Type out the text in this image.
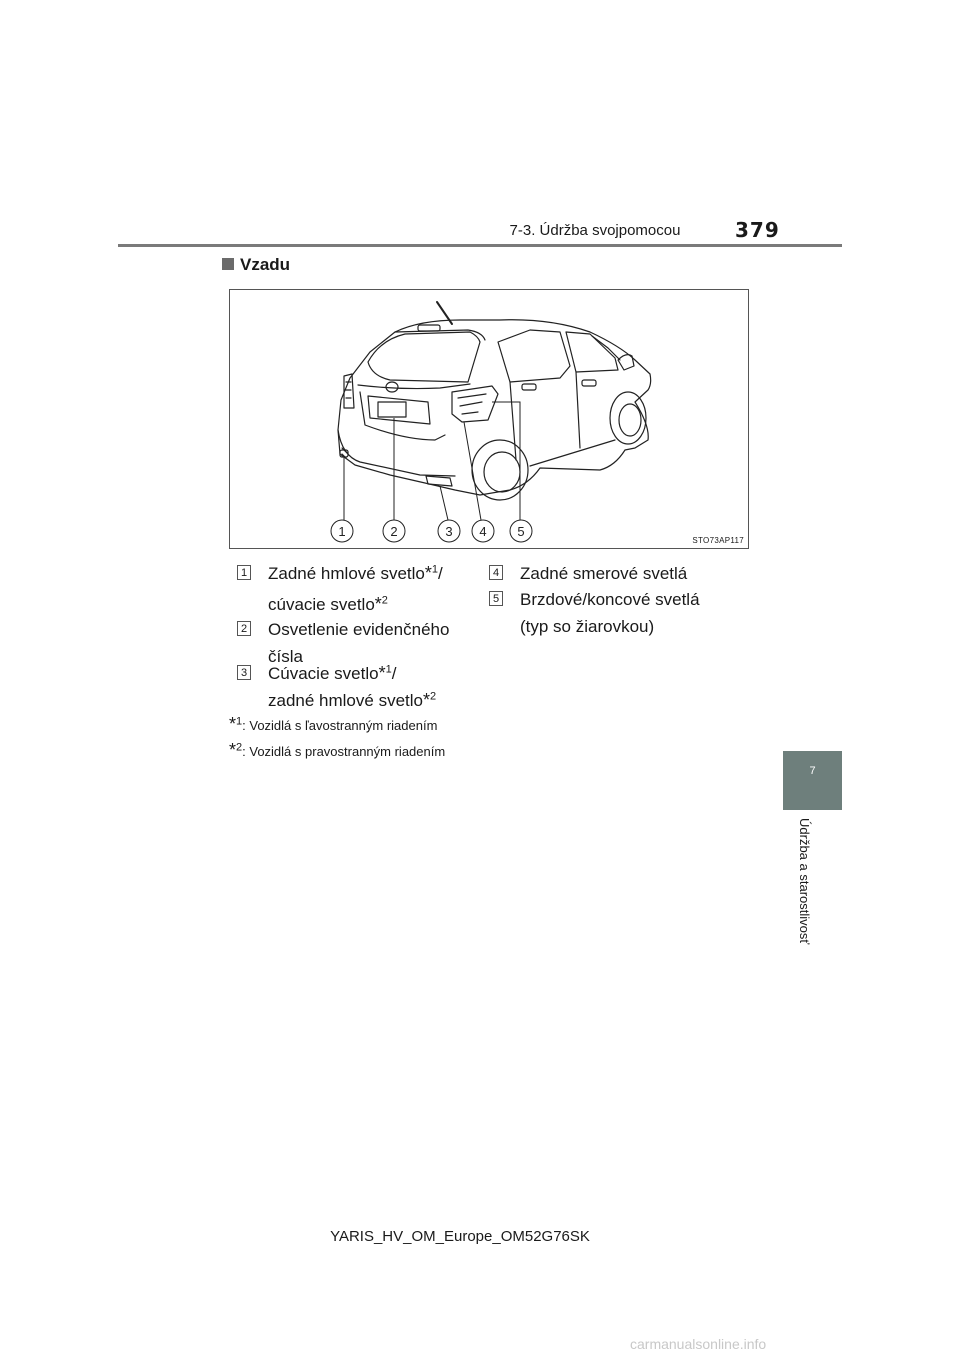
7-3. Údržba svojpomocou	379
Vzadu
1	2	3 4 5
STO73AP117
1 Zadné hmlové svetlo*$^1$/
cúvacie svetlo*$^2$
2 Osvetlenie evidenčného
čísla
3 Cúvacie svetlo*$^1$/
zadné hmlové svetlo*$^2$
4 Zadné smerové svetlá
5 Brzdové/koncové svetlá
(typ so žiarovkou)
*$^1$: Vozidlá s ľavostranným riadením
*$^2$: Vozidlá s pravostranným riadením
7
Údržba a starostlivosť
YARIS_HV_OM_Europe_OM52G76SK
carmanualsonline.info
